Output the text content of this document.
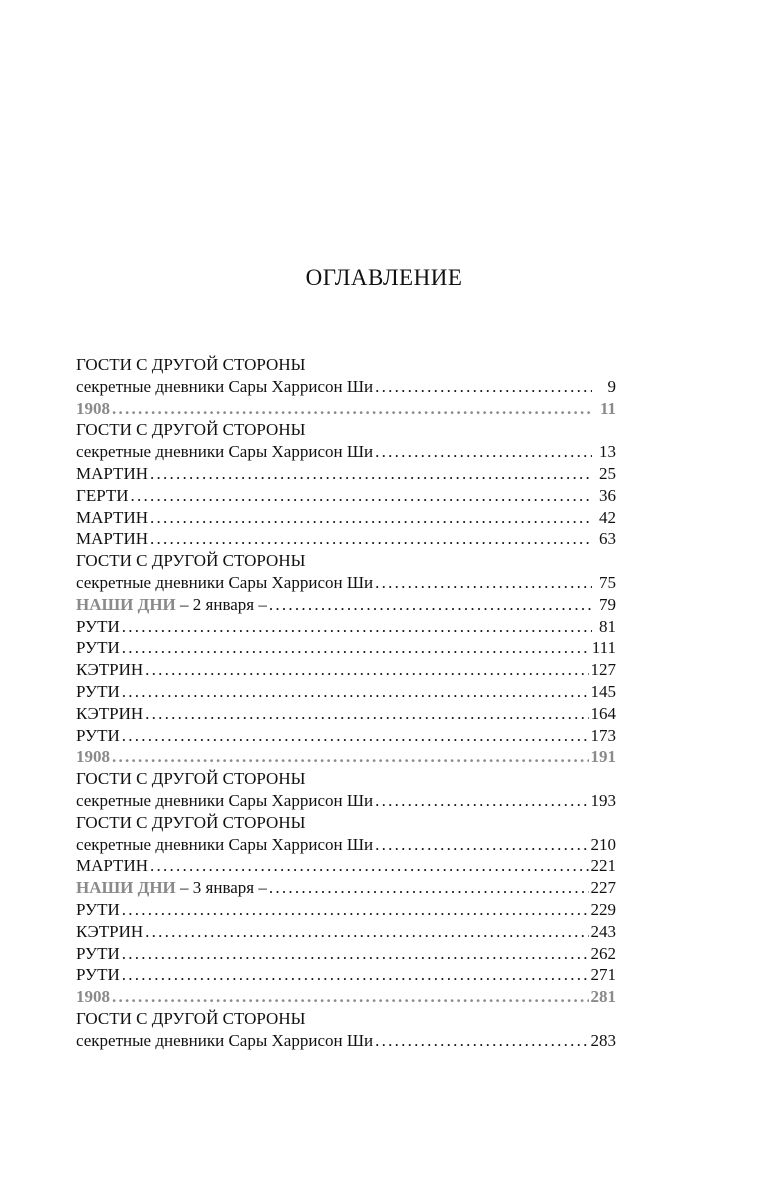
ОГЛАВЛЕНИЕ
ГОСТИ С ДРУГОЙ СТОРОНЫ
секретные дневники Сары Харрисон Ши . . .	9
1908 . . .	11
ГОСТИ С ДРУГОЙ СТОРОНЫ
секретные дневники Сары Харрисон Ши . . .	13
МАРТИН . . .	25
ГЕРТИ . . .	36
МАРТИН . . .	42
МАРТИН . . .	63
ГОСТИ С ДРУГОЙ СТОРОНЫ
секретные дневники Сары Харрисон Ши . . .	75
НАШИ ДНИ – 2 января – . . .	79
РУТИ . . .	81
РУТИ . . .	111
КЭТРИН . . .	127
РУТИ . . .	145
КЭТРИН . . .	164
РУТИ . . .	173
1908 . . .	191
ГОСТИ С ДРУГОЙ СТОРОНЫ
секретные дневники Сары Харрисон Ши . . .	193
ГОСТИ С ДРУГОЙ СТОРОНЫ
секретные дневники Сары Харрисон Ши . . .	210
МАРТИН . . .	221
НАШИ ДНИ – 3 января – . . .	227
РУТИ . . .	229
КЭТРИН . . .	243
РУТИ . . .	262
РУТИ . . .	271
1908 . . .	281
ГОСТИ С ДРУГОЙ СТОРОНЫ
секретные дневники Сары Харрисон Ши . . .	283
